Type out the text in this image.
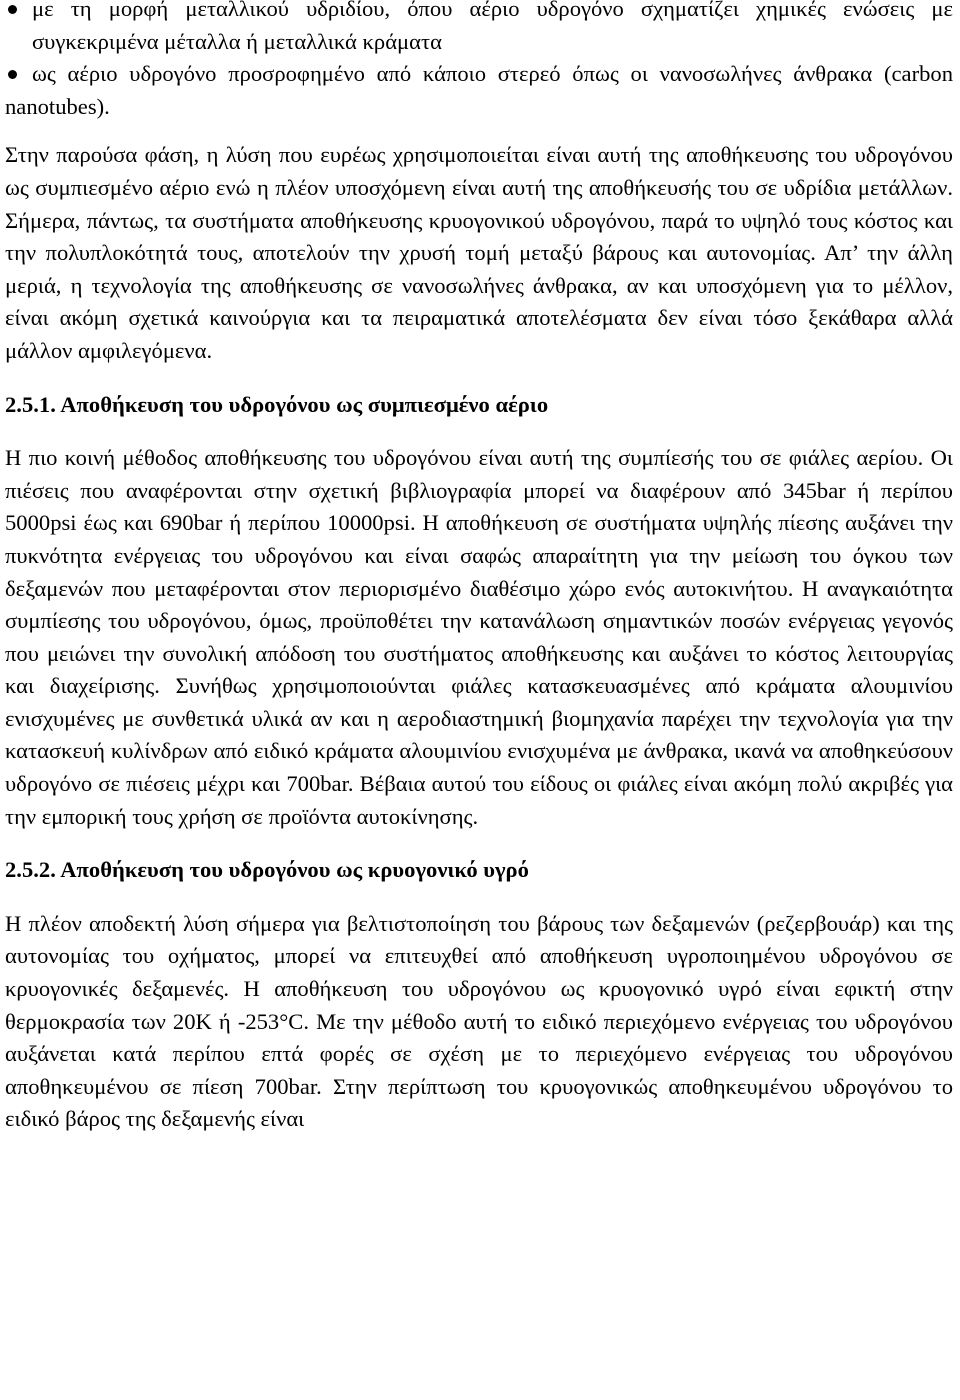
με τη μορφή μεταλλικού υδριδίου, όπου αέριο υδρογόνο σχηματίζει χημικές ενώσεις με συγκεκριμένα μέταλλα ή μεταλλικά κράματα
ως αέριο υδρογόνο προσροφημένο από κάποιο στερεό όπως οι νανοσωλήνες άνθρακα (carbon nanotubes).

Στην παρούσα φάση, η λύση που ευρέως χρησιμοποιείται είναι αυτή της αποθήκευσης του υδρογόνου ως συμπιεσμένο αέριο ενώ η πλέον υποσχόμενη είναι αυτή της αποθήκευσής του σε υδρίδια μετάλλων. Σήμερα, πάντως, τα συστήματα αποθήκευσης κρυογονικού υδρογόνου, παρά το υψηλό τους κόστος και την πολυπλοκότητά τους, αποτελούν την χρυσή τομή μεταξύ βάρους και αυτονομίας. Απ’ την άλλη μεριά, η τεχνολογία της αποθήκευσης σε νανοσωλήνες άνθρακα, αν και υποσχόμενη για το μέλλον, είναι ακόμη σχετικά καινούργια και τα πειραματικά αποτελέσματα δεν είναι τόσο ξεκάθαρα αλλά μάλλον αμφιλεγόμενα.

2.5.1. Αποθήκευση του υδρογόνου ως συμπιεσμένο αέριο

Η πιο κοινή μέθοδος αποθήκευσης του υδρογόνου είναι αυτή της συμπίεσής του σε φιάλες αερίου. Οι πιέσεις που αναφέρονται στην σχετική βιβλιογραφία μπορεί να διαφέρουν από 345bar ή περίπου 5000psi έως και 690bar ή περίπου 10000psi. Η αποθήκευση σε συστήματα υψηλής πίεσης αυξάνει την πυκνότητα ενέργειας του υδρογόνου και είναι σαφώς απαραίτητη για την μείωση του όγκου των δεξαμενών που μεταφέρονται στον περιορισμένο διαθέσιμο χώρο ενός αυτοκινήτου. Η αναγκαιότητα συμπίεσης του υδρογόνου, όμως, προϋποθέτει την κατανάλωση σημαντικών ποσών ενέργειας γεγονός που μειώνει την συνολική απόδοση του συστήματος αποθήκευσης και αυξάνει το κόστος λειτουργίας και διαχείρισης. Συνήθως χρησιμοποιούνται φιάλες κατασκευασμένες από κράματα αλουμινίου ενισχυμένες με συνθετικά υλικά αν και η αεροδιαστημική βιομηχανία παρέχει την τεχνολογία για την κατασκευή κυλίνδρων από ειδικό κράματα αλουμινίου ενισχυμένα με άνθρακα, ικανά να αποθηκεύσουν υδρογόνο σε πιέσεις μέχρι και 700bar. Βέβαια αυτού του είδους οι φιάλες είναι ακόμη πολύ ακριβές για την εμπορική τους χρήση σε προϊόντα αυτοκίνησης.

2.5.2. Αποθήκευση του υδρογόνου ως κρυογονικό υγρό

Η πλέον αποδεκτή λύση σήμερα για βελτιστοποίηση του βάρους των δεξαμενών (ρεζερβουάρ) και της αυτονομίας του οχήματος, μπορεί να επιτευχθεί από αποθήκευση υγροποιημένου υδρογόνου σε κρυογονικές δεξαμενές. Η αποθήκευση του υδρογόνου ως κρυογονικό υγρό είναι εφικτή στην θερμοκρασία των 20K ή -253°C. Με την μέθοδο αυτή το ειδικό περιεχόμενο ενέργειας του υδρογόνου αυξάνεται κατά περίπου επτά φορές σε σχέση με το περιεχόμενο ενέργειας του υδρογόνου αποθηκευμένου σε πίεση 700bar. Στην περίπτωση του κρυογονικώς αποθηκευμένου υδρογόνου το ειδικό βάρος της δεξαμενής είναι
